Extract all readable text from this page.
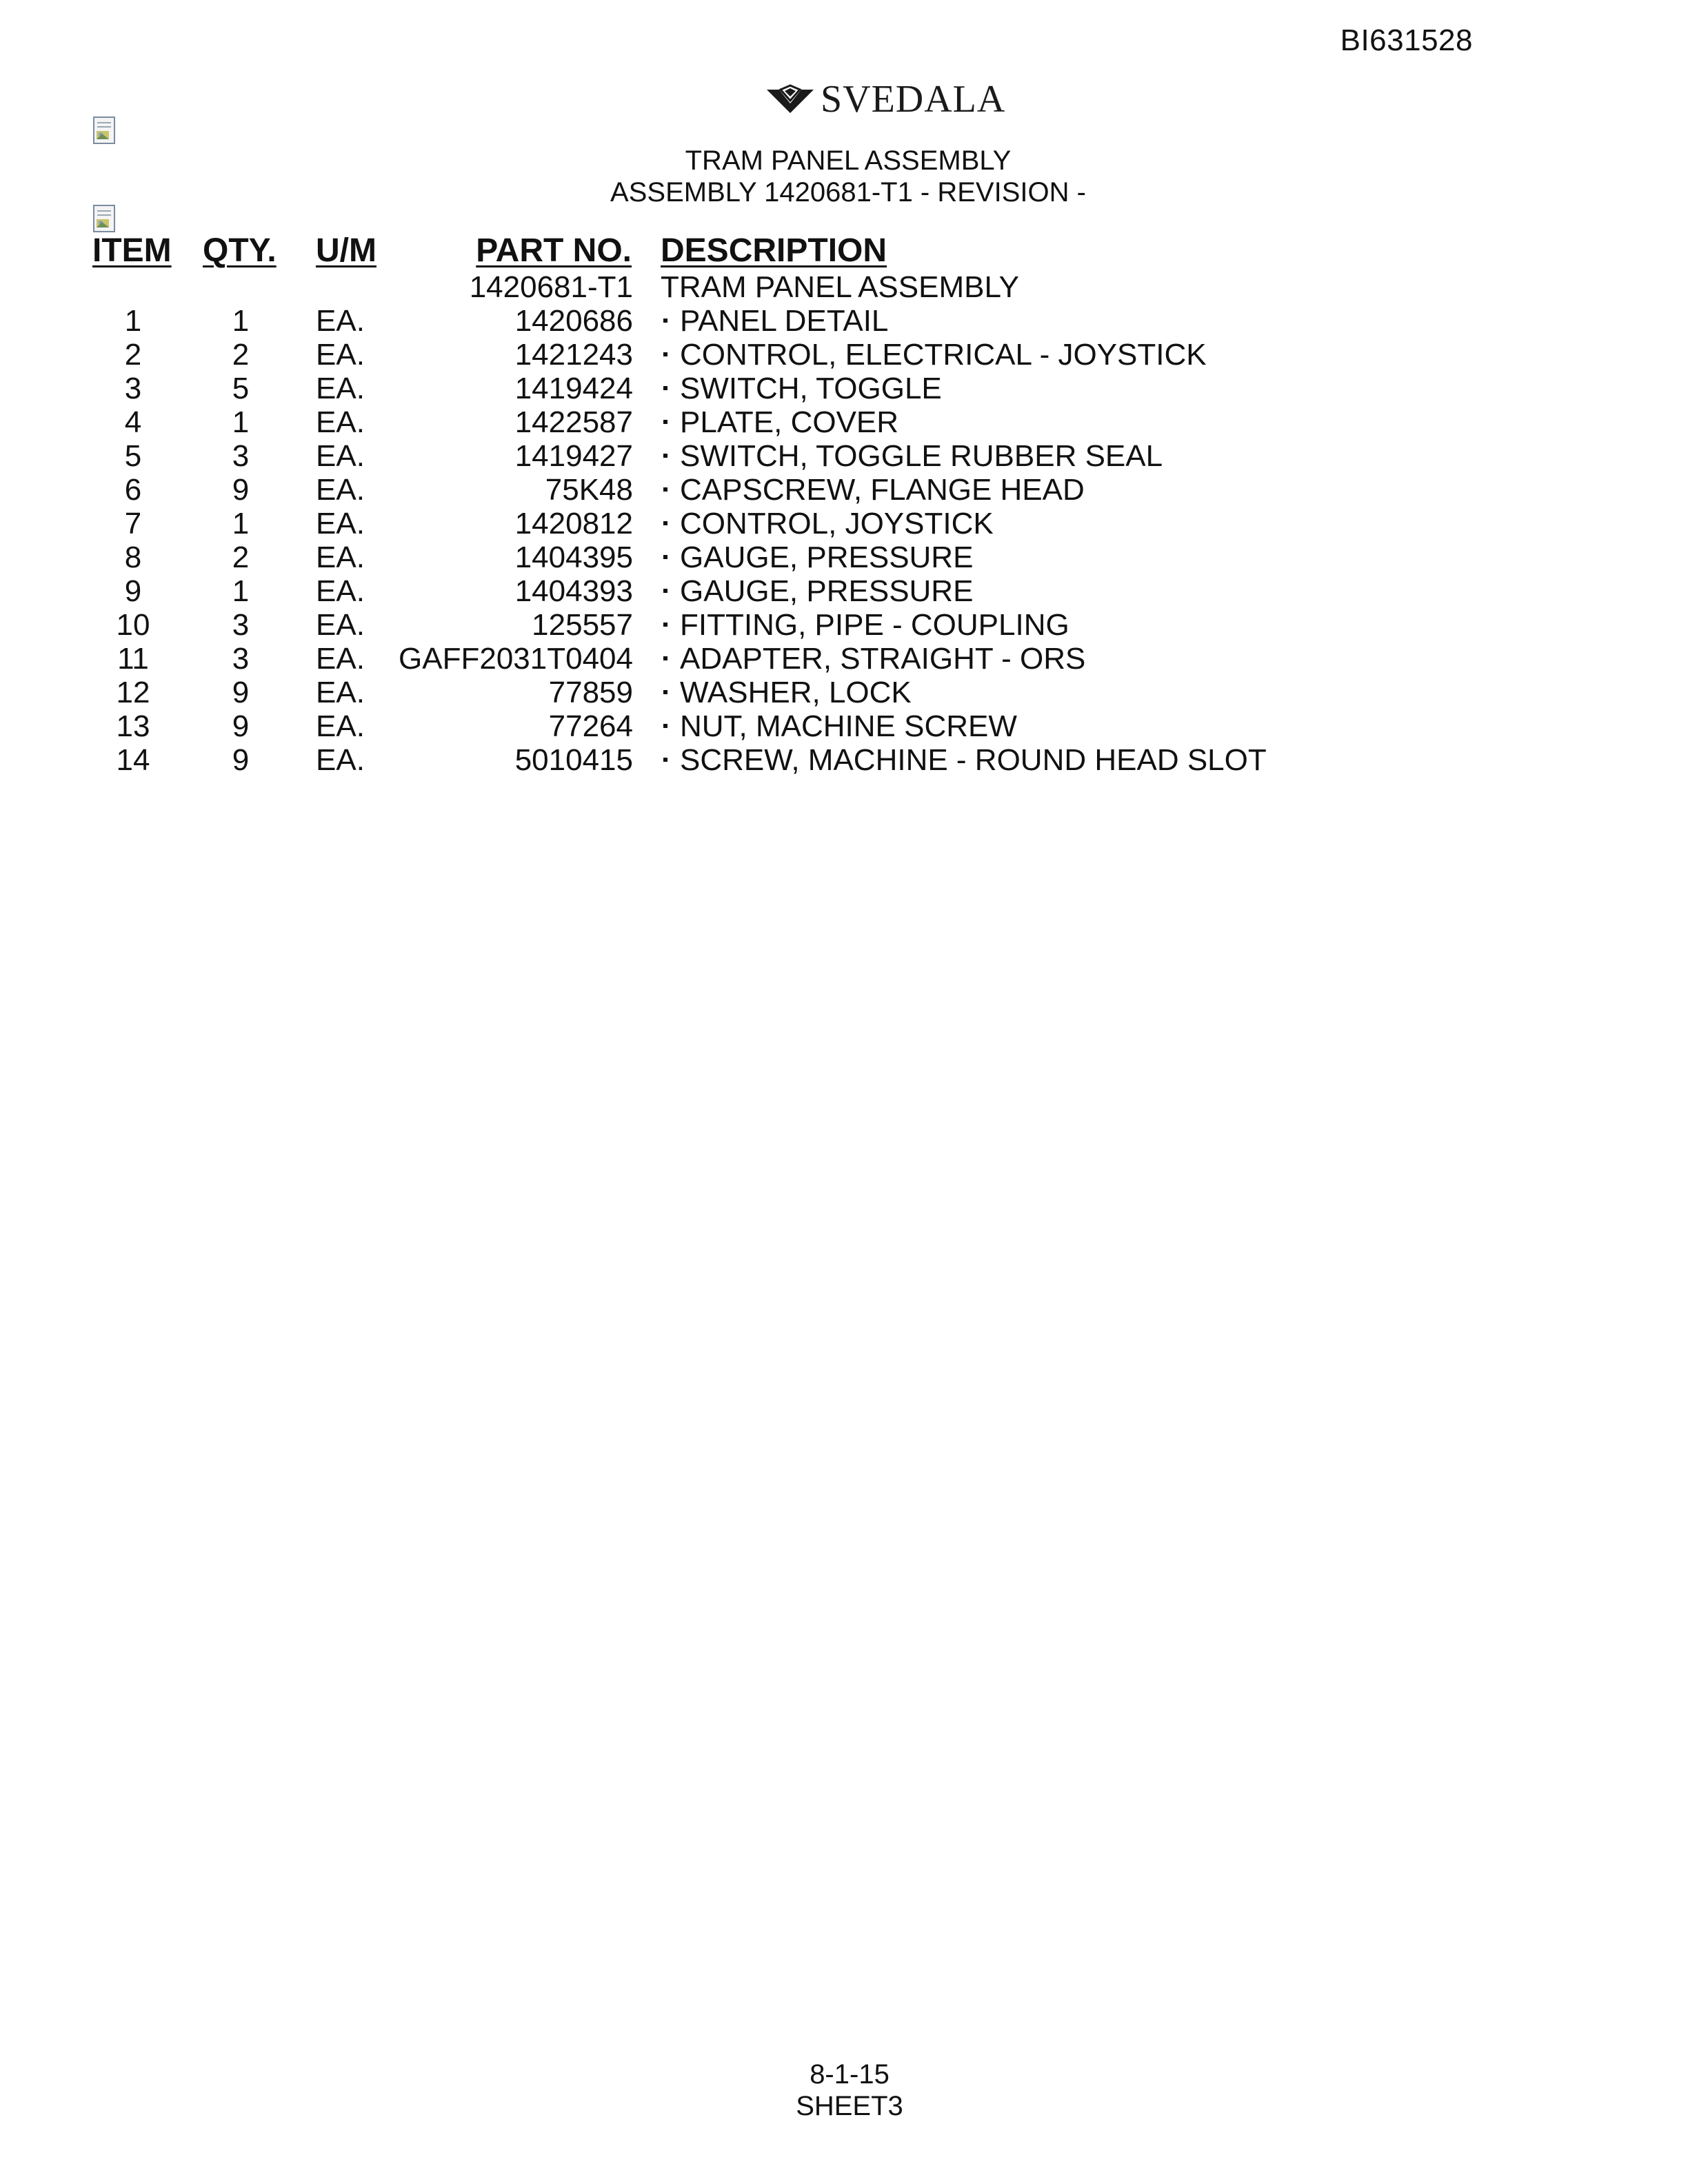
BI631528
SVEDALA
TRAM PANEL ASSEMBLY
ASSEMBLY 1420681-T1 - REVISION -
ITEM QTY. U/M	PART NO. DESCRIPTION
1420681-T1 TRAM PANEL ASSEMBLY
1	1	EA.	1420686	PANEL DETAIL
2	2	EA.	1421243	CONTROL, ELECTRICAL - JOYSTICK
3	5	EA.	1419424	SWITCH, TOGGLE
4	1	EA.	1422587	PLATE, COVER
5	3	EA.	1419427	SWITCH, TOGGLE RUBBER SEAL
6	9	EA.	75K48	CAPSCREW, FLANGE HEAD
7	1	EA.	1420812	CONTROL, JOYSTICK
8	2	EA.	1404395	GAUGE, PRESSURE
9	1	EA.	1404393	GAUGE, PRESSURE
10	3	EA.	125557	FITTING, PIPE - COUPLING
11	3	EA. GAFF2031T0404	ADAPTER, STRAIGHT - ORS
12	9	EA.	77859	WASHER, LOCK
13	9	EA.	77264	NUT, MACHINE SCREW
14	9	EA.	5010415	SCREW, MACHINE - ROUND HEAD SLOT
8-1-15
SHEET3
